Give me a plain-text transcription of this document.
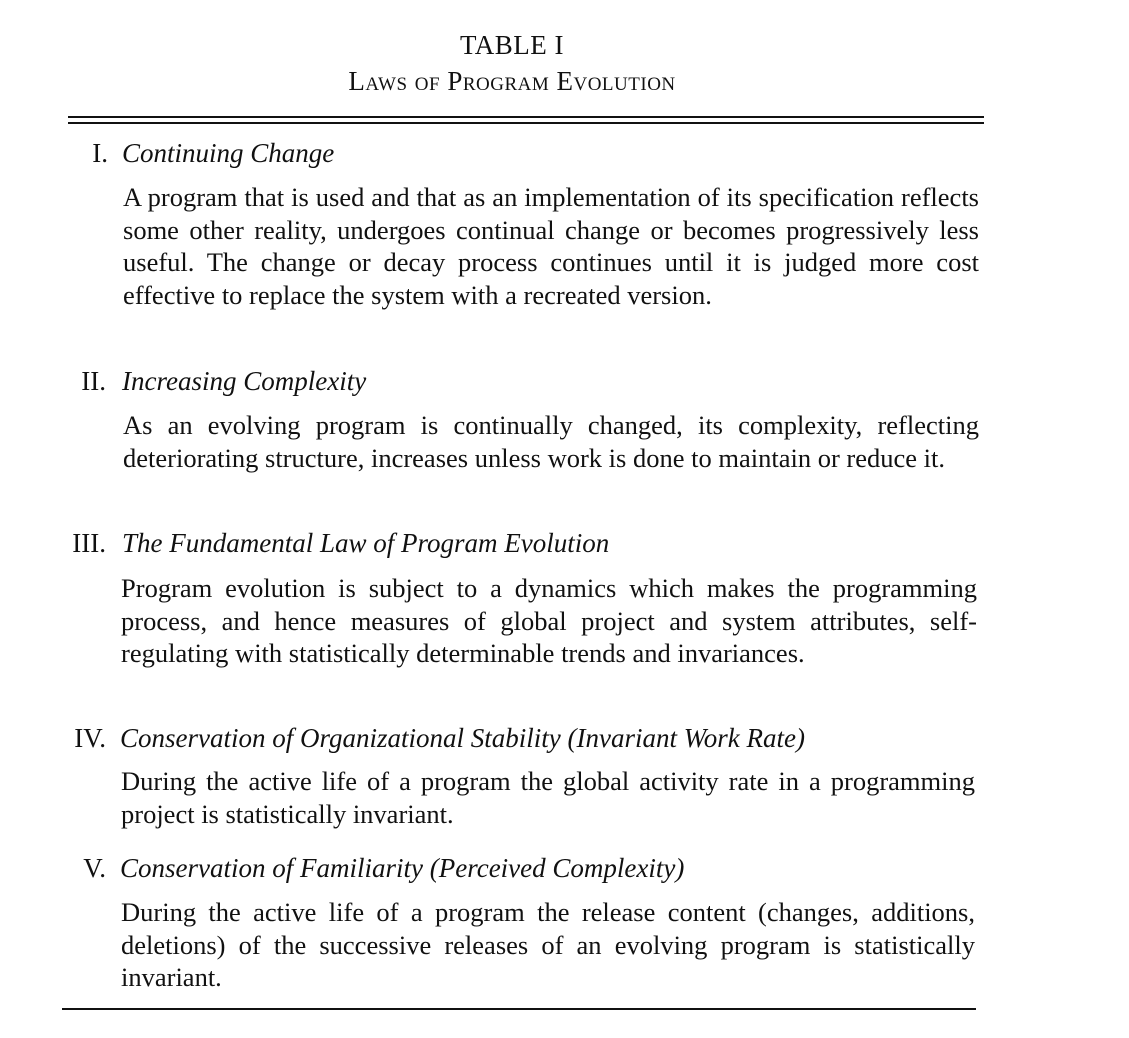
TABLE I
Laws of Program Evolution
I. Continuing Change
A program that is used and that as an implementation of its specification reflects some other reality, undergoes continual change or becomes progressively less useful. The change or decay process continues until it is judged more cost effective to replace the system with a recreated version.
II. Increasing Complexity
As an evolving program is continually changed, its complexity, reflecting deteriorating structure, increases unless work is done to maintain or reduce it.
III. The Fundamental Law of Program Evolution
Program evolution is subject to a dynamics which makes the programming process, and hence measures of global project and system attributes, self-regulating with statistically determinable trends and invariances.
IV. Conservation of Organizational Stability (Invariant Work Rate)
During the active life of a program the global activity rate in a programming project is statistically invariant.
V. Conservation of Familiarity (Perceived Complexity)
During the active life of a program the release content (changes, additions, deletions) of the successive releases of an evolving program is statistically invariant.
